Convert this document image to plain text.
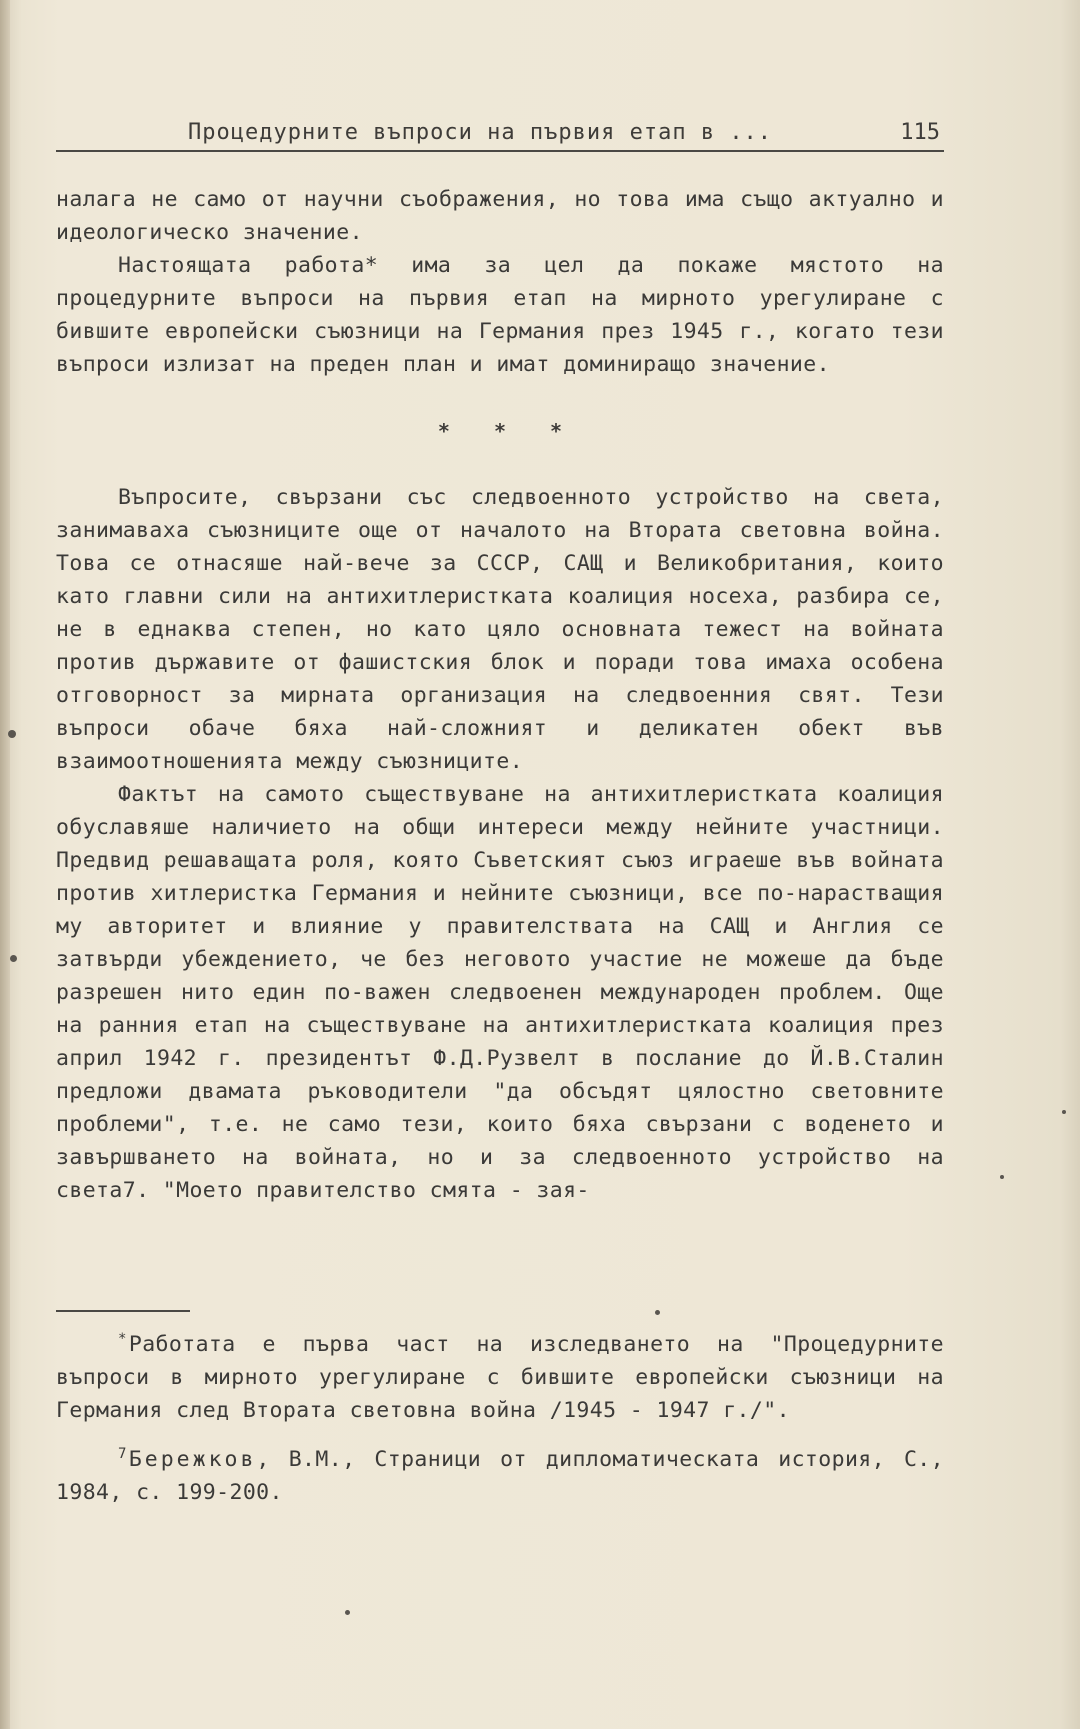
Процедурните въпроси на първия етап в ...	115

налага не само от научни съображения, но това има също актуално и идеологическо значение.

Настоящата работа* има за цел да покаже мястото на процедурните въпроси на първия етап на мирното урегулиране с бившите европейски съюзници на Германия през 1945 г., когато тези въпроси излизат на преден план и имат доминиращо значение.

* * *

Въпросите, свързани със следвоенното устройство на света, занимаваха съюзниците още от началото на Втората световна война. Това се отнасяше най-вече за СССР, САЩ и Великобритания, които като главни сили на антихитлеристката коалиция носеха, разбира се, не в еднаква степен, но като цяло основната тежест на войната против държавите от фашистския блок и поради това имаха особена отговорност за мирната организация на следвоенния свят. Тези въпроси обаче бяха най-сложният и деликатен обект във взаимоотношенията между съюзниците.

Фактът на самото съществуване на антихитлеристката коалиция обуславяше наличието на общи интереси между нейните участници. Предвид решаващата роля, която Съветският съюз играеше във войната против хитлеристка Германия и нейните съюзници, все по-нарастващия му авторитет и влияние у правителствата на САЩ и Англия се затвърди убеждението, че без неговото участие не можеше да бъде разрешен нито един по-важен следвоенен международен проблем. Още на ранния етап на съществуване на антихитлеристката коалиция през април 1942 г. президентът Ф.Д.Рузвелт в послание до Й.В.Сталин предложи двамата ръководители "да обсъдят цялостно световните проблеми", т.е. не само тези, които бяха свързани с воденето и завършването на войната, но и за следвоенното устройство на света7. "Моето правителство смята - зая-

*Работата е първа част на изследването на "Процедурните въпроси в мирното урегулиране с бившите европейски съюзници на Германия след Втората световна война /1945 - 1947 г./".

$^7$Бережков, В.М., Страници от дипломатическата история, С., 1984, с. 199-200.
